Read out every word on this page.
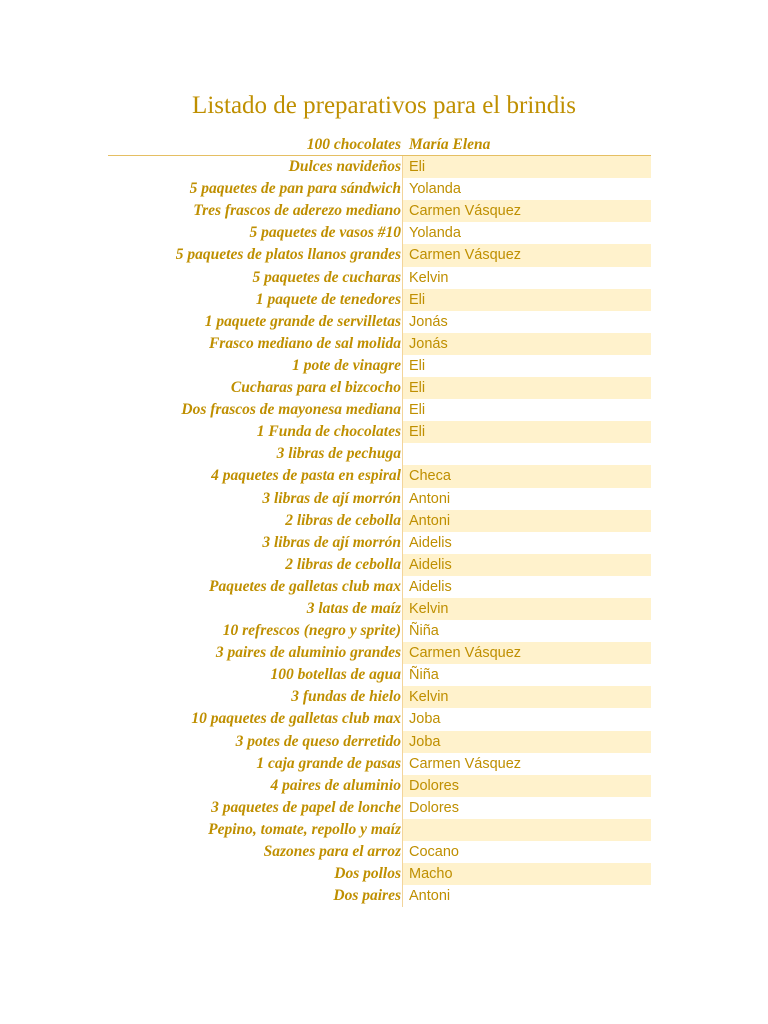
Listado de preparativos para el brindis
100 chocolates María Elena
Dulces navideños Eli
5 paquetes de pan para sándwich Yolanda
Tres frascos de aderezo mediano Carmen Vásquez
5 paquetes de vasos #10 Yolanda
5 paquetes de platos llanos grandes Carmen Vásquez
5 paquetes de cucharas Kelvin
1 paquete de tenedores Eli
1 paquete grande de servilletas Jonás
Frasco mediano de sal molida Jonás
1 pote de vinagre Eli
Cucharas para el bizcocho Eli
Dos frascos de mayonesa mediana Eli
1 Funda de chocolates Eli
3 libras de pechuga
4 paquetes de pasta en espiral Checa
3 libras de ají morrón Antoni
2 libras de cebolla Antoni
3 libras de ají morrón Aidelis
2 libras de cebolla Aidelis
Paquetes de galletas club max Aidelis
3 latas de maíz Kelvin
10 refrescos (negro y sprite) Ñiña
3 paires de aluminio grandes Carmen Vásquez
100 botellas de agua Ñiña
3 fundas de hielo Kelvin
10 paquetes de galletas club max Joba
3 potes de queso derretido Joba
1 caja grande de pasas Carmen Vásquez
4 paires de aluminio Dolores
3 paquetes de papel de lonche Dolores
Pepino, tomate, repollo y maíz
Sazones para el arroz Cocano
Dos pollos Macho
Dos paires Antoni
